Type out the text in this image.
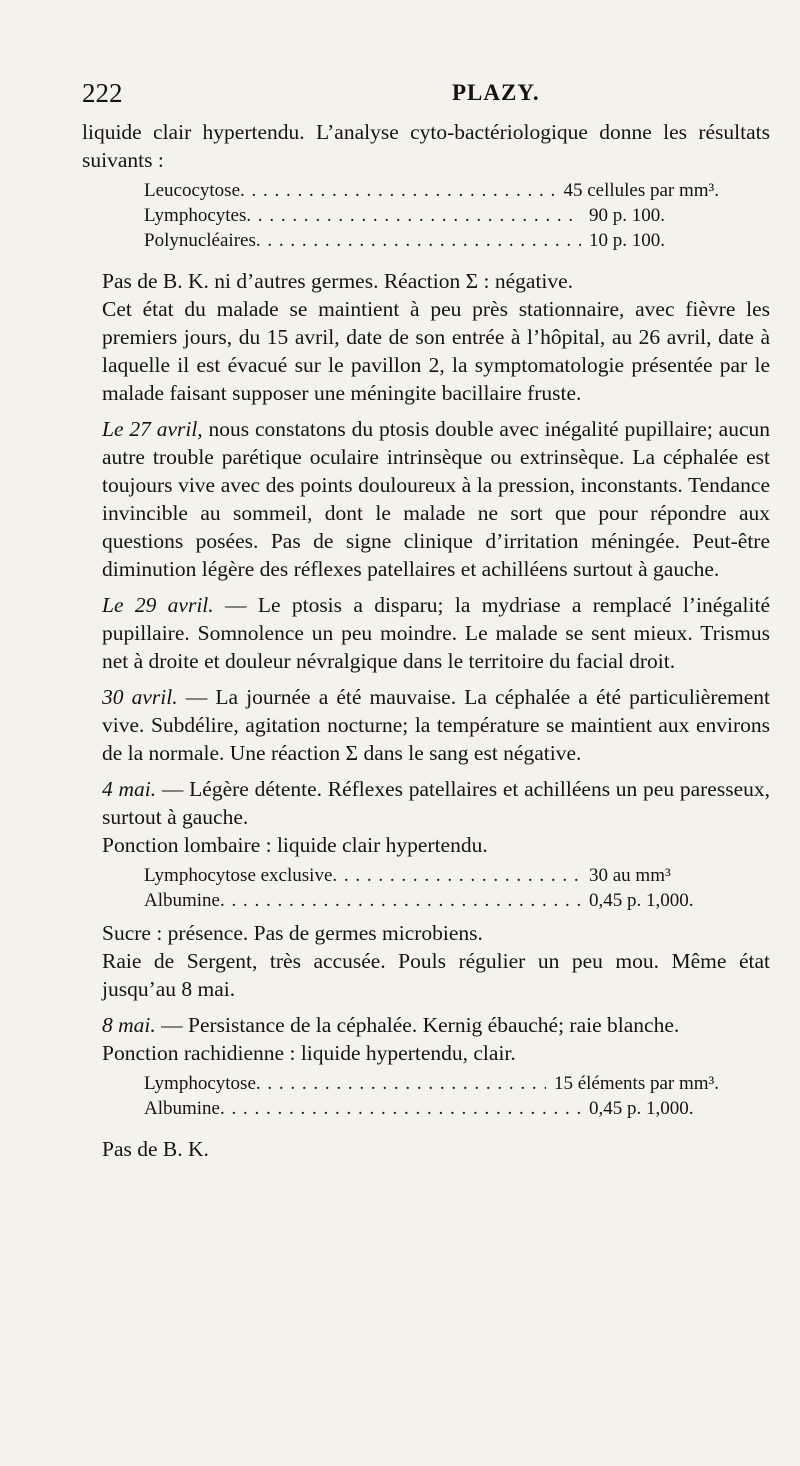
222	PLAZY.

liquide clair hypertendu. L’analyse cyto-bactériologique donne les résultats suivants :

Leucocytose . . .	45 cellules par mm³.
Lymphocytes . . .	90 p. 100.
Polynucléaires . . .	10 p. 100.

Pas de B. K. ni d’autres germes. Réaction Σ : négative.

Cet état du malade se maintient à peu près stationnaire, avec fièvre les premiers jours, du 15 avril, date de son entrée à l’hôpital, au 26 avril, date à laquelle il est évacué sur le pavillon 2, la symptomatologie présentée par le malade faisant supposer une méningite bacillaire fruste.

Le 27 avril, nous constatons du ptosis double avec inégalité pupillaire; aucun autre trouble parétique oculaire intrinsèque ou extrinsèque. La céphalée est toujours vive avec des points douloureux à la pression, inconstants. Tendance invincible au sommeil, dont le malade ne sort que pour répondre aux questions posées. Pas de signe clinique d’irritation méningée. Peut-être diminution légère des réflexes patellaires et achilléens surtout à gauche.

Le 29 avril. — Le ptosis a disparu; la mydriase a remplacé l’inégalité pupillaire. Somnolence un peu moindre. Le malade se sent mieux. Trismus net à droite et douleur névralgique dans le territoire du facial droit.

30 avril. — La journée a été mauvaise. La céphalée a été particulièrement vive. Subdélire, agitation nocturne; la température se maintient aux environs de la normale. Une réaction Σ dans le sang est négative.

4 mai. — Légère détente. Réflexes patellaires et achilléens un peu paresseux, surtout à gauche.

Ponction lombaire : liquide clair hypertendu.

Lymphocytose exclusive . . .	30 au mm³
Albumine . . .	0,45 p. 1,000.

Sucre : présence. Pas de germes microbiens.

Raie de Sergent, très accusée. Pouls régulier un peu mou. Même état jusqu’au 8 mai.

8 mai. — Persistance de la céphalée. Kernig ébauché; raie blanche.

Ponction rachidienne : liquide hypertendu, clair.

Lymphocytose . . .	15 éléments par mm³.
Albumine . . .	0,45 p. 1,000.

Pas de B. K.
